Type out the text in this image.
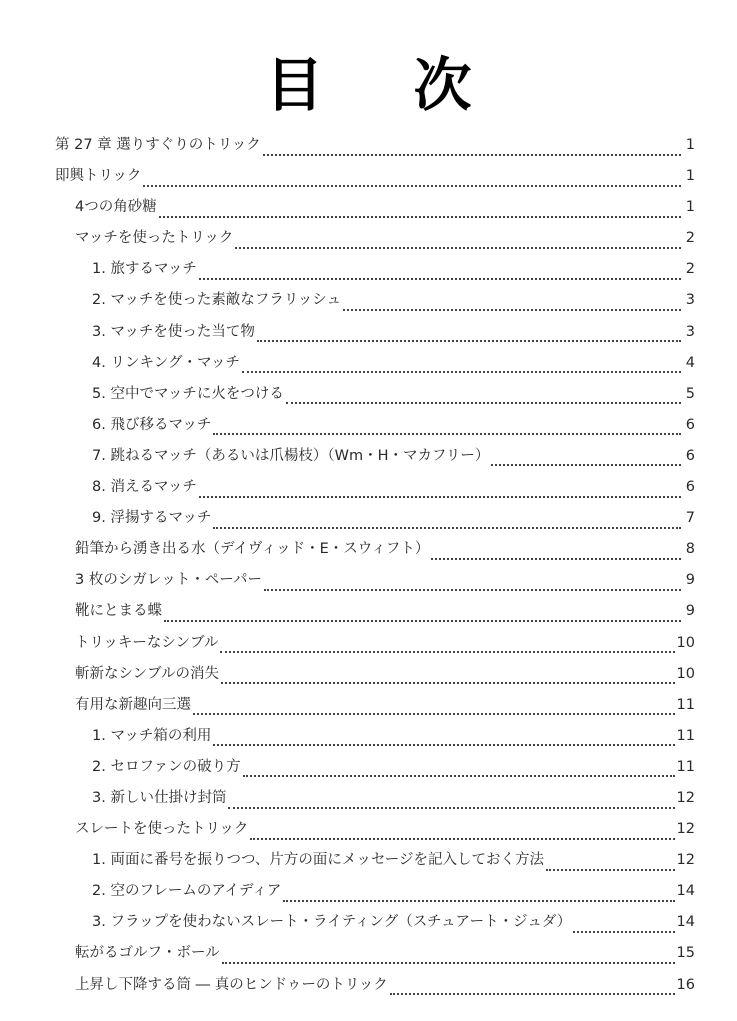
目 次
第 27 章 選りすぐりのトリック	1
即興トリック	1
4つの角砂糖	1
マッチを使ったトリック	2
1. 旅するマッチ	2
2. マッチを使った素敵なフラリッシュ	3
3. マッチを使った当て物	3
4. リンキング・マッチ	4
5. 空中でマッチに火をつける	5
6. 飛び移るマッチ	6
7. 跳ねるマッチ（あるいは爪楊枝）（Wm・H・マカフリー）	6
8. 消えるマッチ	6
9. 浮揚するマッチ	7
鉛筆から湧き出る水（デイヴィッド・E・スウィフト）	8
3 枚のシガレット・ペーパー	9
靴にとまる蝶	9
トリッキーなシンブル	10
斬新なシンブルの消失	10
有用な新趣向三選	11
1. マッチ箱の利用	11
2. セロファンの破り方	11
3. 新しい仕掛け封筒	12
スレートを使ったトリック	12
1. 両面に番号を振りつつ、片方の面にメッセージを記入しておく方法	12
2. 空のフレームのアイディア	14
3. フラップを使わないスレート・ライティング（スチュアート・ジュダ）	14
転がるゴルフ・ボール	15
上昇し下降する筒 ― 真のヒンドゥーのトリック	16
